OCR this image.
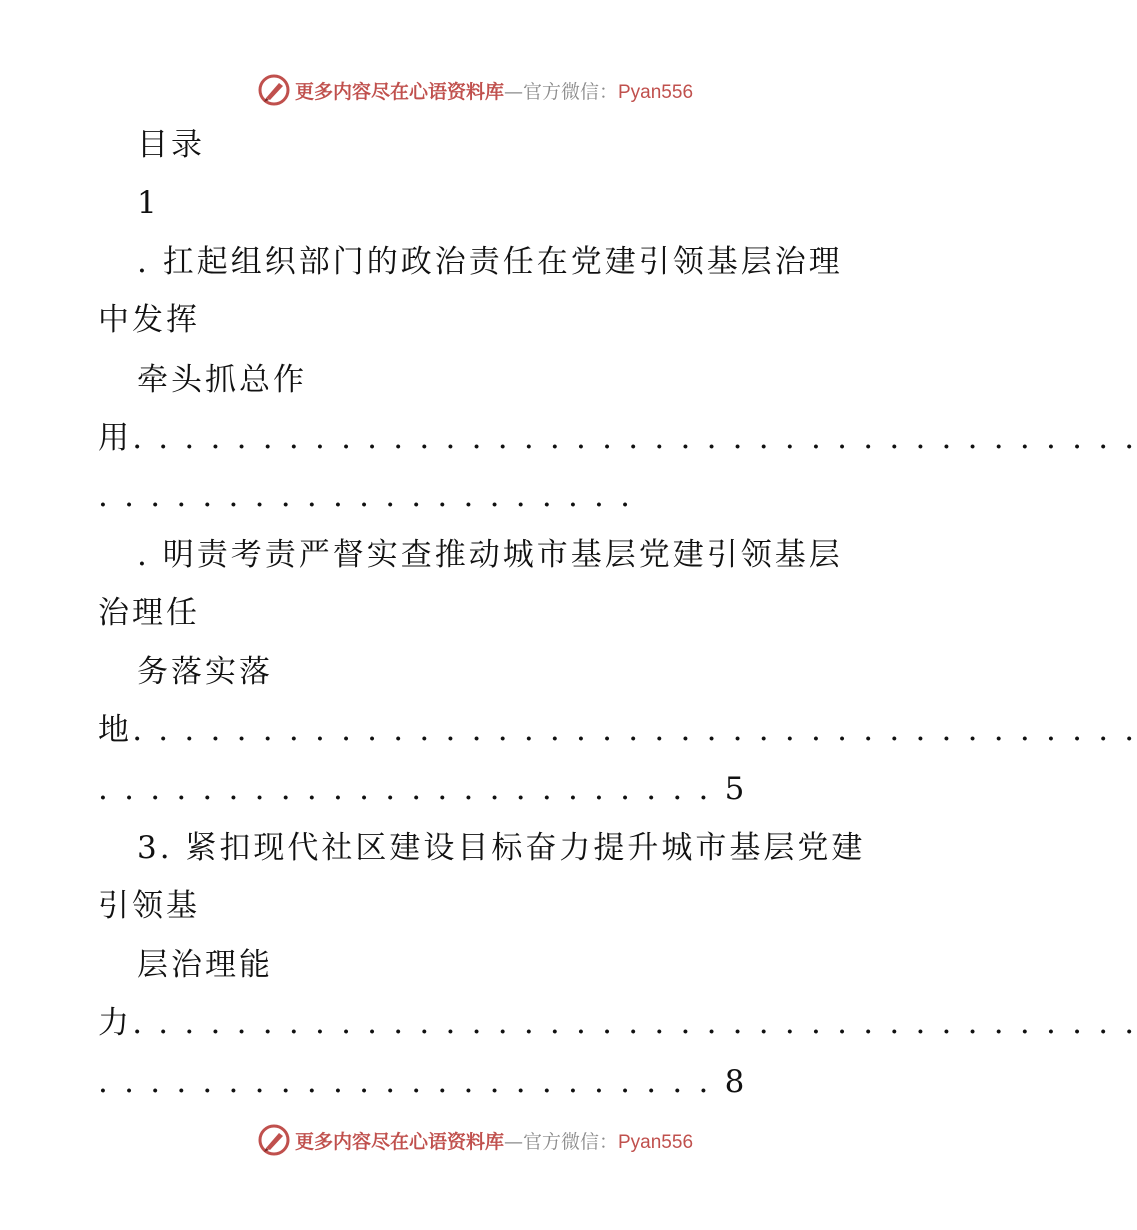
更多内容尽在心语资料库—官方微信：Pyan556
目录
1
. 扛起组织部门的政治责任在党建引领基层治理
中发挥
牵头抓总作
用. . . . . . . . . . . . . . . . . . . . . . . . . . . . . . . . . . . . . . .
. . . . . . . . . . . . . . . . . . . . .
. 明责考责严督实查推动城市基层党建引领基层
治理任
务落实落
地. . . . . . . . . . . . . . . . . . . . . . . . . . . . . . . . . . . . . . .
. . . . . . . . . . . . . . . . . . . . . . . . 5
3. 紧扣现代社区建设目标奋力提升城市基层党建
引领基
层治理能
力. . . . . . . . . . . . . . . . . . . . . . . . . . . . . . . . . . . . . . .
. . . . . . . . . . . . . . . . . . . . . . . . 8
更多内容尽在心语资料库—官方微信：Pyan556
